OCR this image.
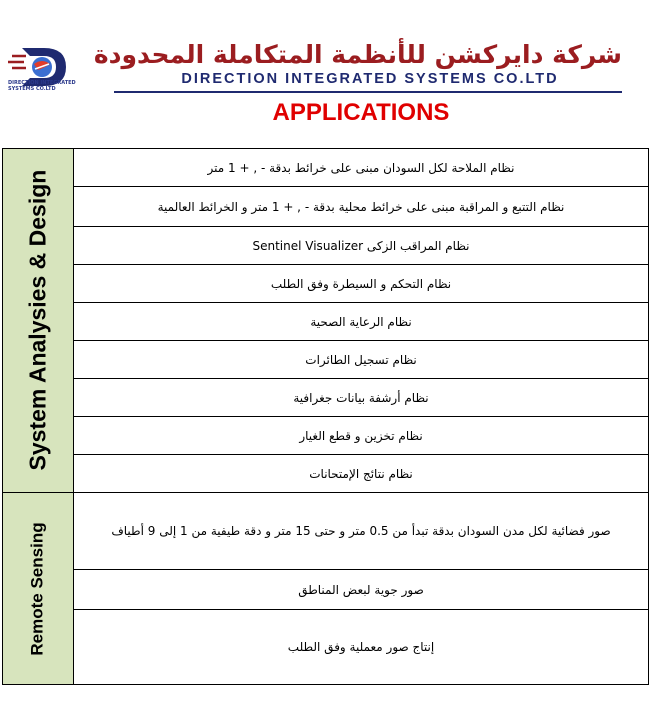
DIRECTION INTEGRATED SYSTEMS CO.LTD
شركة دايركشن للأنظمة المتكاملة المحدودة
DIRECTION INTEGRATED SYSTEMS CO.LTD
APPLICATIONS
System Analysies & Design
نظام الملاحة لكل السودان مبنى على خرائط بدقة - , + 1 متر
نظام التتبع و المراقبة مبنى على خرائط محلية بدقة - , + 1 متر و الخرائط العالمية
نظام المراقب الزكى Sentinel Visualizer
نظام التحكم و السيطرة وفق الطلب
نظام الرعاية الصحية
نظام تسجيل الطائرات
نظام أرشفة بيانات جغرافية
نظام تخزين و قطع الغيار
نظام نتائج الإمتحانات
Remote Sensing	صور فضائية لكل مدن السودان بدقة تبدأ من 0.5 متر و حتى 15 متر و دقة طيفية من 1 إلى 9 أطياف
صور جوية لبعض المناطق
إنتاج صور معملية وفق الطلب
